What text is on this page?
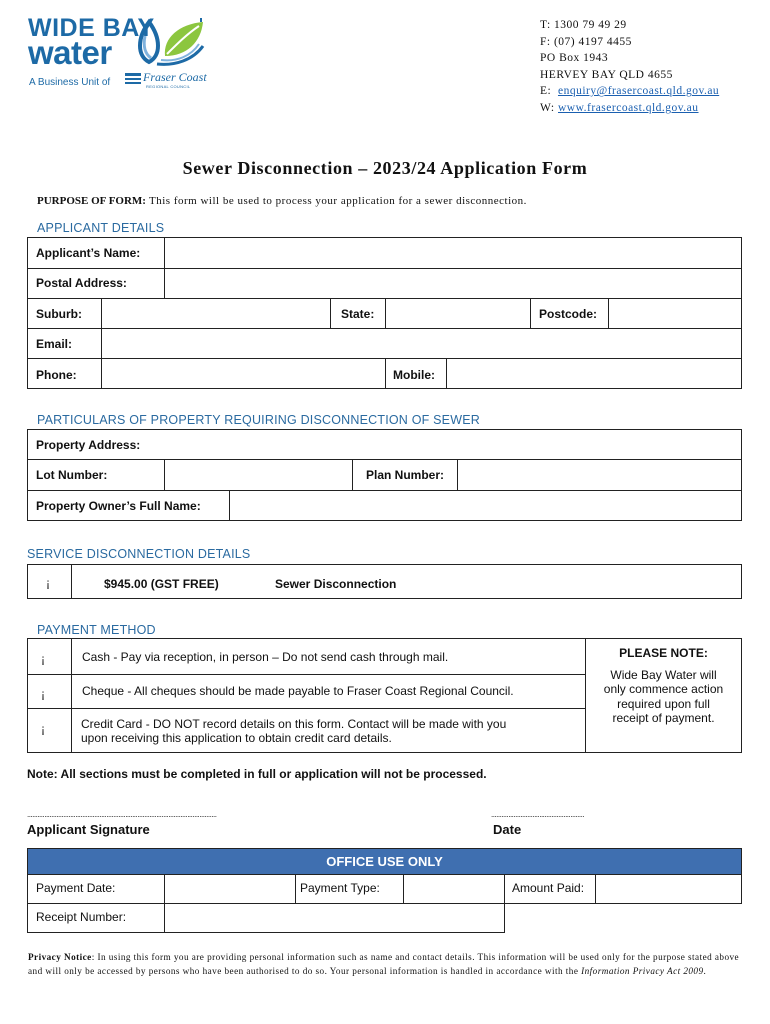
WIDE BAY
water
A Business Unit of	Fraser Coast
REGIONAL COUNCIL
T: 1300 79 49 29
F: (07) 4197 4455
PO Box 1943
HERVEY BAY QLD 4655
E: enquiry@frasercoast.qld.gov.au
W: www.frasercoast.qld.gov.au
Sewer Disconnection – 2023/24 Application Form
PURPOSE OF FORM: This form will be used to process your application for a sewer disconnection.
APPLICANT DETAILS
Applicant’s Name:
Postal Address:
Suburb:	State:	Postcode:
Email:
Phone:	Mobile:
PARTICULARS OF PROPERTY REQUIRING DISCONNECTION OF SEWER
Property Address:
Lot Number:	Plan Number:
Property Owner’s Full Name:
SERVICE DISCONNECTION DETAILS
¡	$945.00 (GST FREE)	Sewer Disconnection
PAYMENT METHOD
¡	Cash - Pay via reception, in person – Do not send cash through mail.
¡	Cheque - All cheques should be made payable to Fraser Coast Regional Council.
¡	Credit Card - DO NOT record details on this form. Contact will be made with you
upon receiving this application to obtain credit card details.
PLEASE NOTE:
Wide Bay Water will
only commence action
required upon full
receipt of payment.
Note: All sections must be completed in full or application will not be processed.
..............................................................................................................	......................................................
Applicant Signature	Date
OFFICE USE ONLY
Payment Date:	Payment Type:	Amount Paid:
Receipt Number:
Privacy Notice: In using this form you are providing personal information such as name and contact details. This information will be used only for the purpose stated above and will only be accessed by persons who have been authorised to do so. Your personal information is handled in accordance with the Information Privacy Act 2009.
